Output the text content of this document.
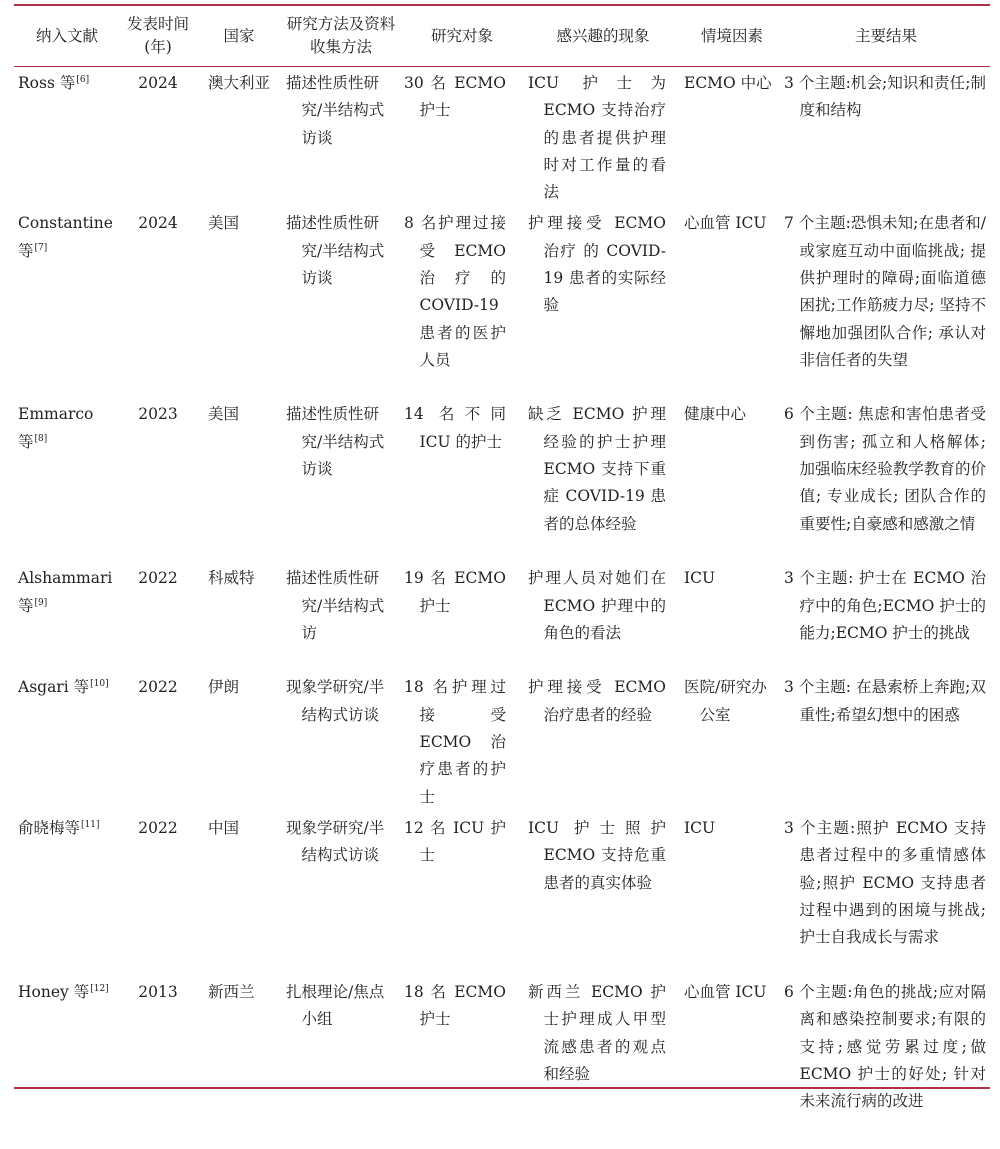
纳入文献	发表时间(年)	国家	研究方法及资料收集方法	研究对象	感兴趣的现象	情境因素	主要结果
Ross 等[6]	2024	澳大利亚	描述性质性研究/半结构式访谈	30 名 ECMO 护士	ICU 护士为 ECMO 支持治疗的患者提供护理时对工作量的看法	ECMO 中心	3 个主题:机会;知识和责任;制度和结构

Constantine 等[7]	2024	美国	描述性质性研究/半结构式访谈	8 名护理过接受 ECMO 治疗的 COVID-19 患者的医护人员	护理接受 ECMO 治疗 的 COVID-19 患者的实际经验	心血管 ICU	7 个主题:恐惧未知;在患者和/或家庭互动中面临挑战; 提供护理时的障碍;面临道德困扰;工作筋疲力尽; 坚持不懈地加强团队合作; 承认对非信任者的失望

Emmarco 等[8]	2023	美国	描述性质性研究/半结构式访谈	14 名不同 ICU 的护士	缺乏 ECMO 护理经验的护士护理 ECMO 支持下重症 COVID-19 患者的总体经验	健康中心	6 个主题: 焦虑和害怕患者受到伤害; 孤立和人格解体; 加强临床经验教学教育的价值; 专业成长; 团队合作的重要性;自豪感和感激之情

Alshammari 等[9]	2022	科威特	描述性质性研究/半结构式访	19 名 ECMO 护士	护理人员对她们在 ECMO 护理中的角色的看法	ICU	3 个主题: 护士在 ECMO 治疗中的角色;ECMO 护士的能力;ECMO 护士的挑战

Asgari 等[10]	2022	伊朗	现象学研究/半结构式访谈	18 名护理过接受 ECMO 治疗患者的护士	护理接受 ECMO 治疗患者的经验	医院/研究办公室	3 个主题: 在悬索桥上奔跑;双重性;希望幻想中的困惑

俞晓梅等[11]	2022	中国	现象学研究/半结构式访谈	12 名 ICU 护士	ICU 护士照护 ECMO 支持危重患者的真实体验	ICU	3 个主题:照护 ECMO 支持患者过程中的多重情感体验;照护 ECMO 支持患者过程中遇到的困境与挑战; 护士自我成长与需求

Honey 等[12]	2013	新西兰	扎根理论/焦点小组	18 名 ECMO 护士	新西兰 ECMO 护士护理成人甲型流感患者的观点和经验	心血管 ICU	6 个主题:角色的挑战;应对隔离和感染控制要求;有限的支持;感觉劳累过度;做 ECMO 护士的好处; 针对未来流行病的改进
